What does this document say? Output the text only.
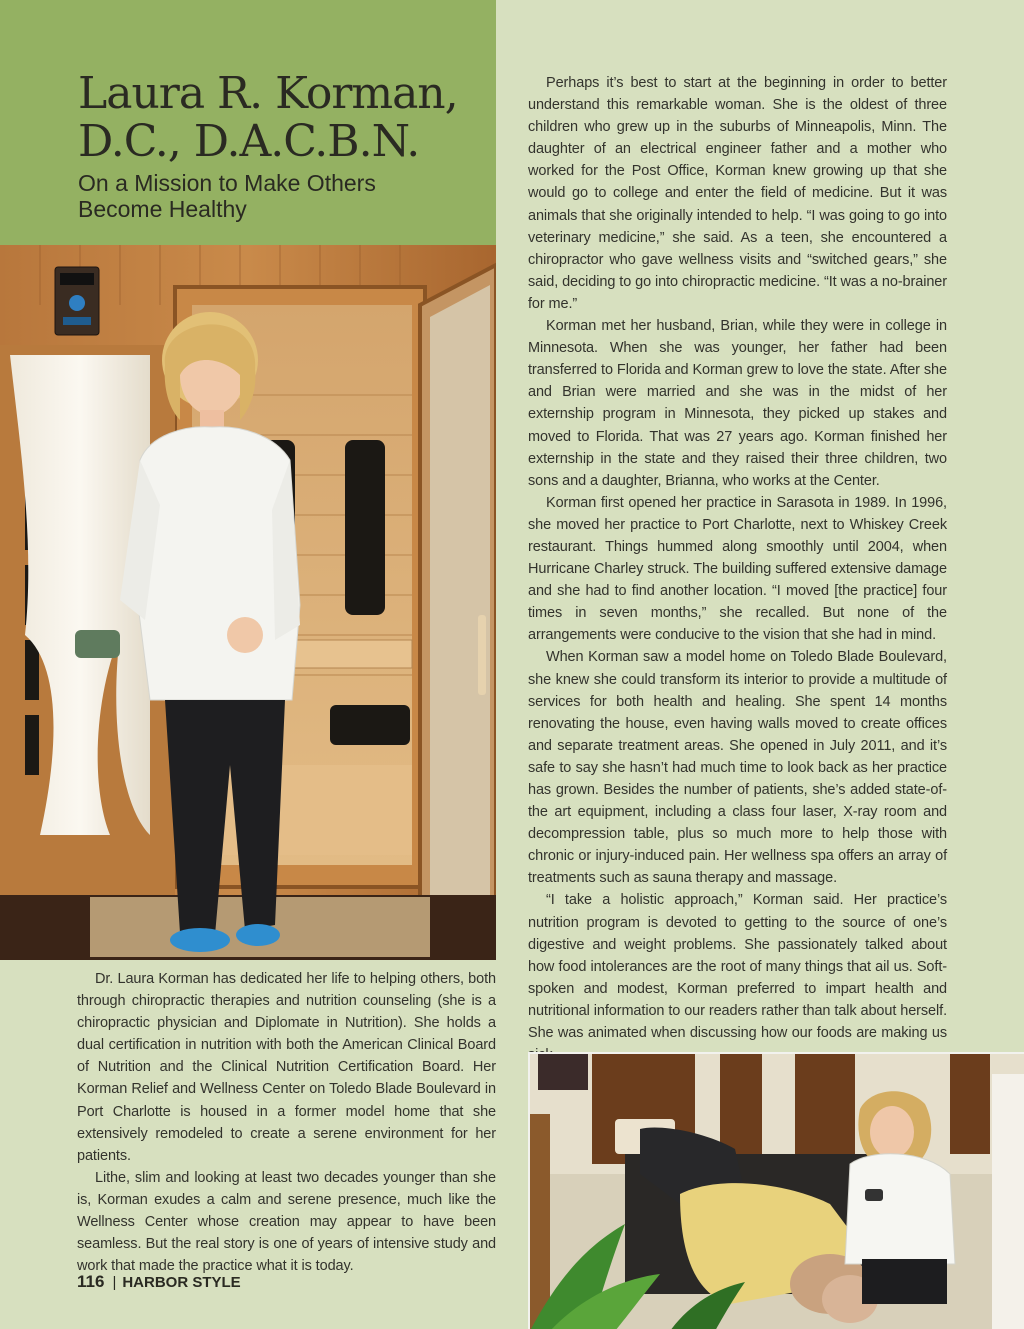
Laura R. Korman,
D.C., D.A.C.B.N.
On a Mission to Make Others
Become Healthy

Dr. Laura Korman has dedicated her life to helping others, both through chiropractic therapies and nutrition counseling (she is a chiropractic physician and Diplomate in Nutrition). She holds a dual certification in nutrition with both the American Clinical Board of Nutrition and the Clinical Nutrition Certification Board. Her Korman Relief and Wellness Center on Toledo Blade Boulevard in Port Charlotte is housed in a former model home that she extensively remodeled to create a serene environment for her patients.

Lithe, slim and looking at least two decades younger than she is, Korman exudes a calm and serene presence, much like the Wellness Center whose creation may appear to have been seamless. But the real story is one of years of intensive study and work that made the practice what it is today.

Perhaps it’s best to start at the beginning in order to better understand this remarkable woman. She is the oldest of three children who grew up in the suburbs of Minneapolis, Minn. The daughter of an electrical engineer father and a mother who worked for the Post Office, Korman knew growing up that she would go to college and enter the field of medicine. But it was animals that she originally intended to help. “I was going to go into veterinary medicine,” she said. As a teen, she encountered a chiropractor who gave wellness visits and “switched gears,” she said, deciding to go into chiropractic medicine. “It was a no-brainer for me.”

Korman met her husband, Brian, while they were in college in Minnesota. When she was younger, her father had been transferred to Florida and Korman grew to love the state. After she and Brian were married and she was in the midst of her externship program in Minnesota, they picked up stakes and moved to Florida. That was 27 years ago. Korman finished her externship in the state and they raised their three children, two sons and a daughter, Brianna, who works at the Center.

Korman first opened her practice in Sarasota in 1989. In 1996, she moved her practice to Port Charlotte, next to Whiskey Creek restaurant. Things hummed along smoothly until 2004, when Hurricane Charley struck. The building suffered extensive damage and she had to find another location. “I moved [the practice] four times in seven months,” she recalled. But none of the arrangements were conducive to the vision that she had in mind.

When Korman saw a model home on Toledo Blade Boulevard, she knew she could transform its interior to provide a multitude of services for both health and healing. She spent 14 months renovating the house, even having walls moved to create offices and separate treatment areas. She opened in July 2011, and it’s safe to say she hasn’t had much time to look back as her practice has grown. Besides the number of patients, she’s added state-of-the art equipment, including a class four laser, X-ray room and decompression table, plus so much more to help those with chronic or injury-induced pain. Her wellness spa offers an array of treatments such as sauna therapy and massage.

“I take a holistic approach,” Korman said. Her practice’s nutrition program is devoted to getting to the source of one’s digestive and weight problems. She passionately talked about how food intolerances are the root of many things that ail us. Soft-spoken and modest, Korman preferred to impart health and nutritional information to our readers rather than talk about herself. She was animated when discussing how our foods are making us

116 | HARBOR STYLE
